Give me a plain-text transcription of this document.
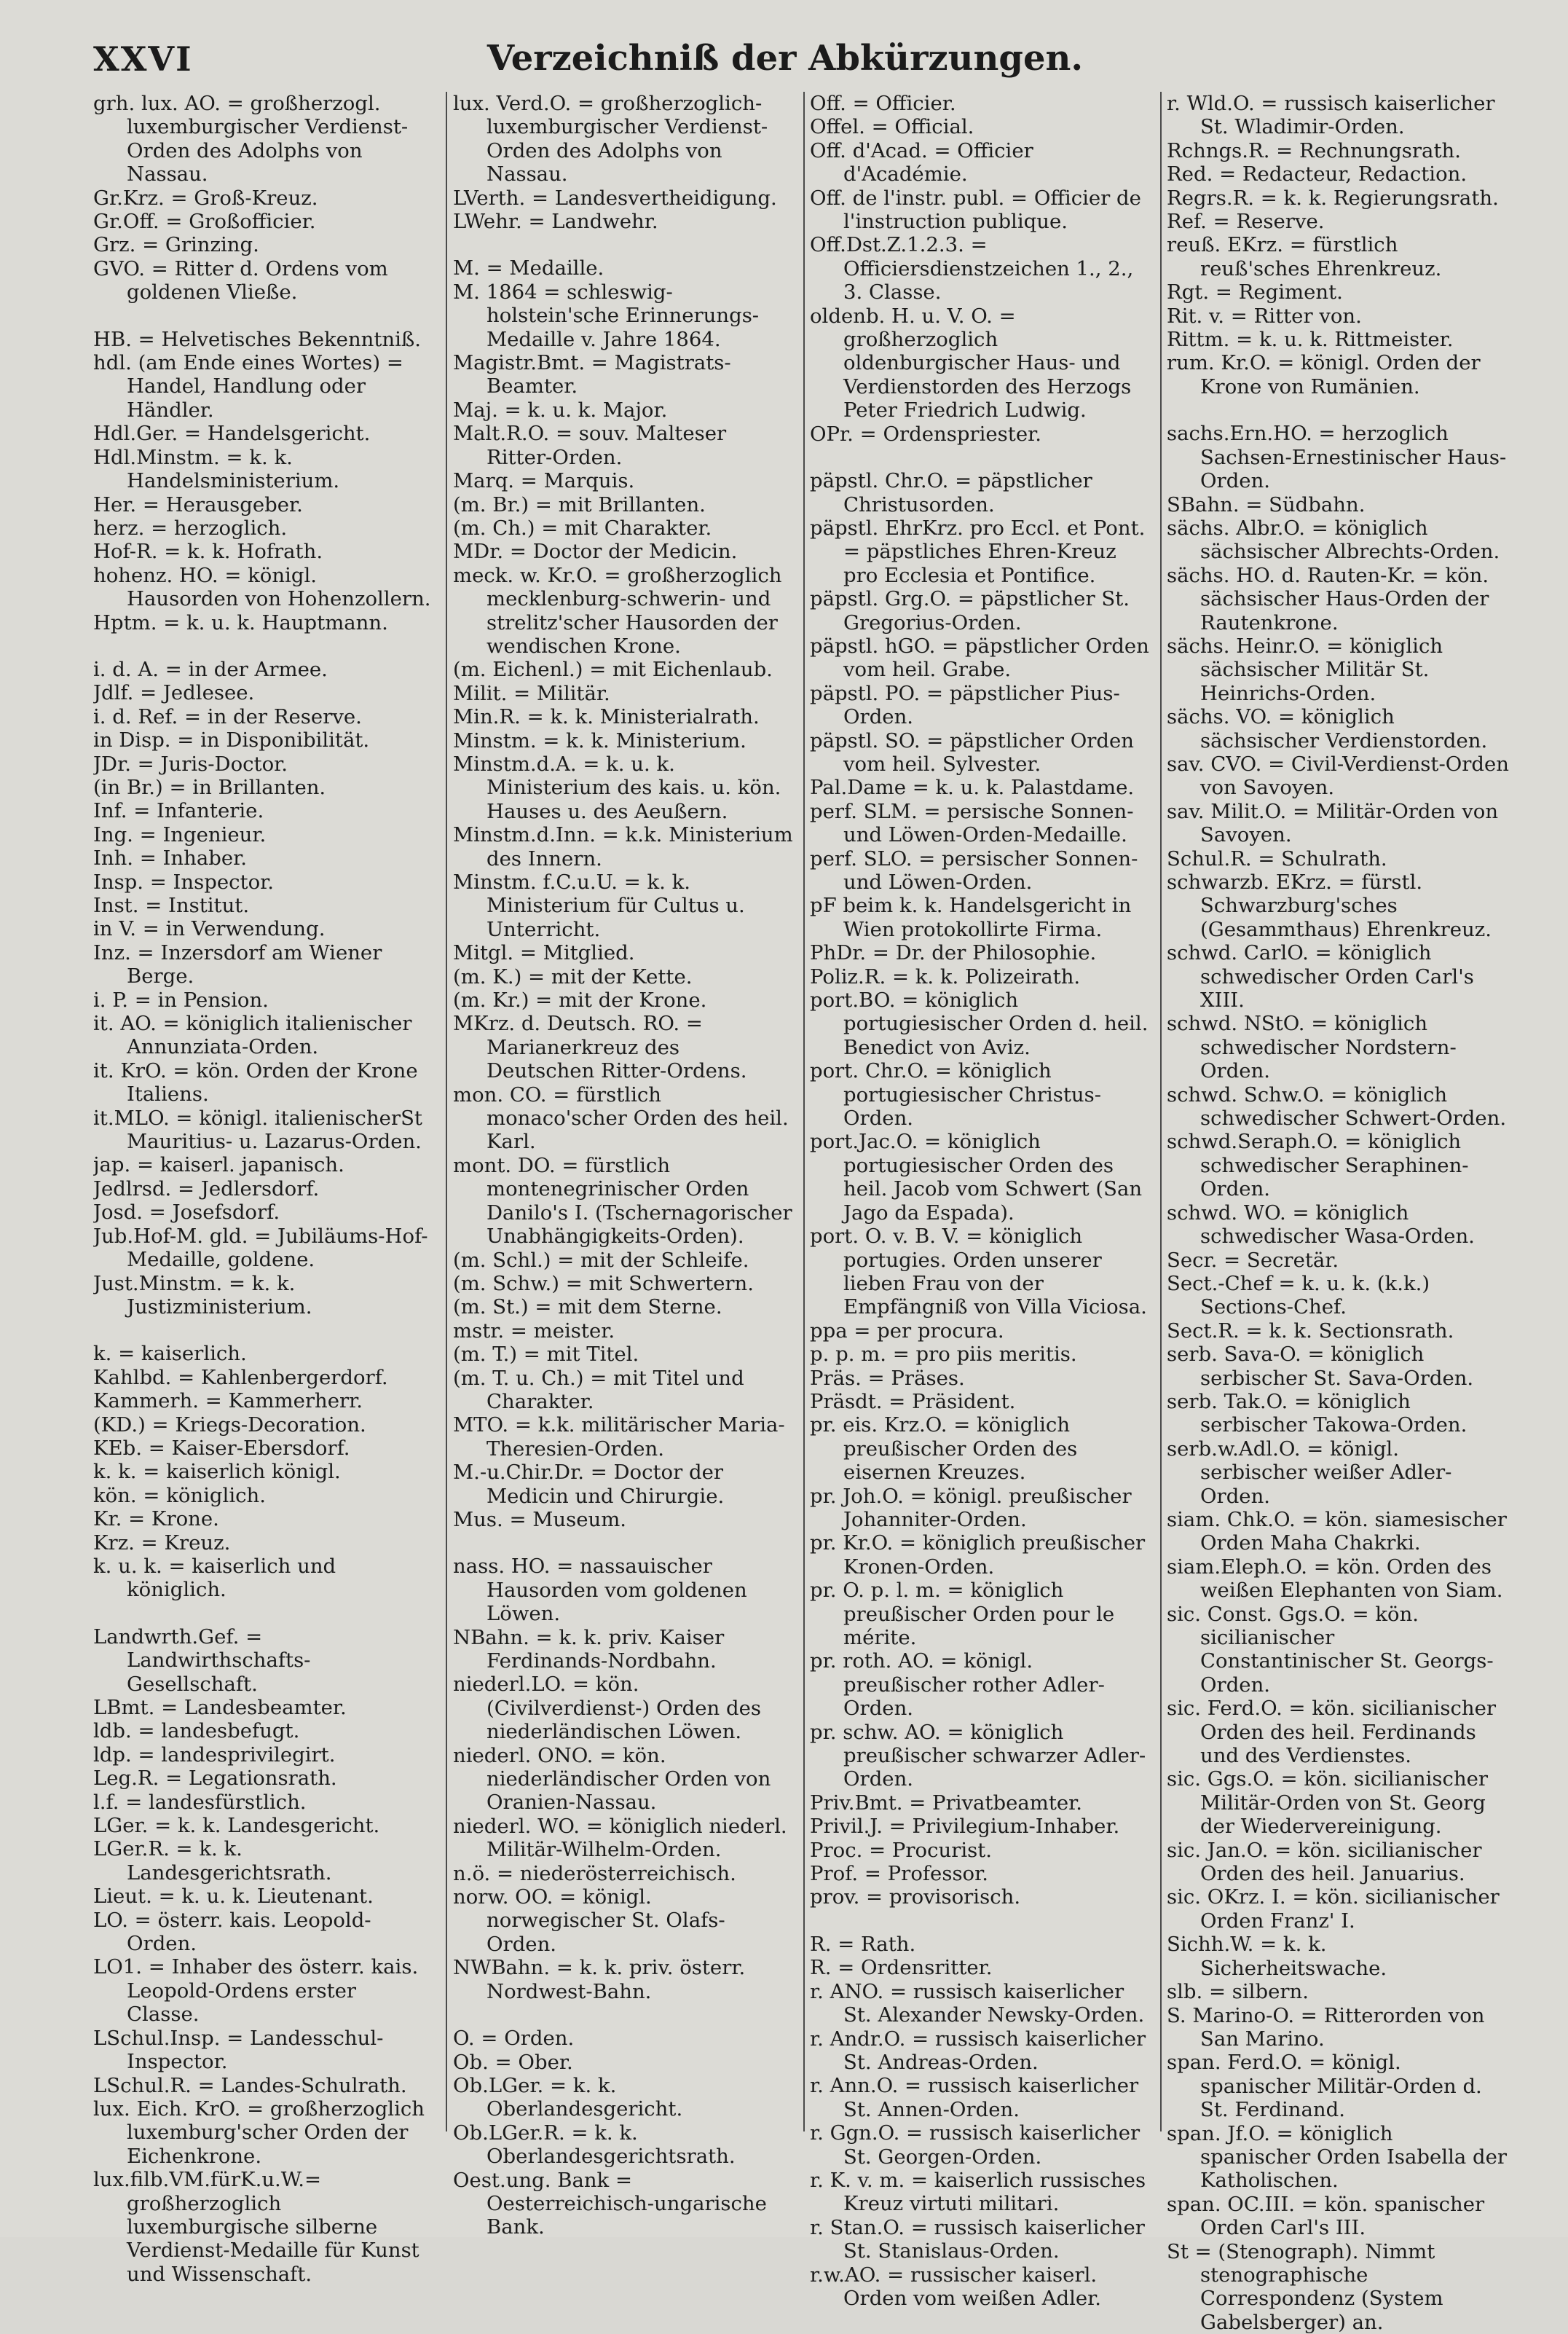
XXVI	Verzeichniß der Abkürzungen.
grh. lux. AO. = großherzogl. luxemburgischer Verdienst-Orden des Adolphs von Nassau.
Gr.Krz. = Groß-Kreuz.
Gr.Off. = Großofficier.
Grz. = Grinzing.
GVO. = Ritter d. Ordens vom goldenen Vließe.
HB. = Helvetisches Bekenntniß.
hdl. (am Ende eines Wortes) = Handel, Handlung oder Händler.
Hdl.Ger. = Handelsgericht.
Hdl.Minstm. = k. k. Handelsministerium.
Her. = Herausgeber.
herz. = herzoglich.
Hof-R. = k. k. Hofrath.
hohenz. HO. = königl. Hausorden von Hohenzollern.
Hptm. = k. u. k. Hauptmann.
i. d. A. = in der Armee.
Jdlf. = Jedlesee.
i. d. Ref. = in der Reserve.
in Disp. = in Disponibilität.
JDr. = Juris-Doctor.
(in Br.) = in Brillanten.
Inf. = Infanterie.
Ing. = Ingenieur.
Inh. = Inhaber.
Insp. = Inspector.
Inst. = Institut.
in V. = in Verwendung.
Inz. = Inzersdorf am Wiener Berge.
i. P. = in Pension.
it. AO. = königlich italienischer Annunziata-Orden.
it. KrO. = kön. Orden der Krone Italiens.
it.MLO. = königl. italienischerSt Mauritius- u. Lazarus-Orden.
jap. = kaiserl. japanisch.
Jedlrsd. = Jedlersdorf.
Josd. = Josefsdorf.
Jub.Hof-M. gld. = Jubiläums-Hof-Medaille, goldene.
Just.Minstm. = k. k. Justizministerium.
k. = kaiserlich.
Kahlbd. = Kahlenbergerdorf.
Kammerh. = Kammerherr.
(KD.) = Kriegs-Decoration.
KEb. = Kaiser-Ebersdorf.
k. k. = kaiserlich königl.
kön. = königlich.
Kr. = Krone.
Krz. = Kreuz.
k. u. k. = kaiserlich und königlich.
Landwrth.Gef. = Landwirthschafts-Gesellschaft.
LBmt. = Landesbeamter.
ldb. = landesbefugt.
ldp. = landesprivilegirt.
Leg.R. = Legationsrath.
l.f. = landesfürstlich.
LGer. = k. k. Landesgericht.
LGer.R. = k. k. Landesgerichtsrath.
Lieut. = k. u. k. Lieutenant.
LO. = österr. kais. Leopold-Orden.
LO1. = Inhaber des österr. kais. Leopold-Ordens erster Classe.
LSchul.Insp. = Landesschul-Inspector.
LSchul.R. = Landes-Schulrath.
lux. Eich. KrO. = großherzoglich luxemburg'scher Orden der Eichenkrone.
lux.filb.VM.fürK.u.W.= großherzoglich luxemburgische silberne Verdienst-Medaille für Kunst und Wissenschaft.
lux. Verd.O. = großherzoglich-luxemburgischer Verdienst-Orden des Adolphs von Nassau.
LVerth. = Landesvertheidigung.
LWehr. = Landwehr.
M. = Medaille.
M. 1864 = schleswig-holstein'sche Erinnerungs-Medaille v. Jahre 1864.
Magistr.Bmt. = Magistrats-Beamter.
Maj. = k. u. k. Major.
Malt.R.O. = souv. Malteser Ritter-Orden.
Marq. = Marquis.
(m. Br.) = mit Brillanten.
(m. Ch.) = mit Charakter.
MDr. = Doctor der Medicin.
meck. w. Kr.O. = großherzoglich mecklenburg-schwerin- und strelitz'scher Hausorden der wendischen Krone.
(m. Eichenl.) = mit Eichenlaub.
Milit. = Militär.
Min.R. = k. k. Ministerialrath.
Minstm. = k. k. Ministerium.
Minstm.d.A. = k. u. k. Ministerium des kais. u. kön. Hauses u. des Aeußern.
Minstm.d.Inn. = k.k. Ministerium des Innern.
Minstm. f.C.u.U. = k. k. Ministerium für Cultus u. Unterricht.
Mitgl. = Mitglied.
(m. K.) = mit der Kette.
(m. Kr.) = mit der Krone.
MKrz. d. Deutsch. RO. = Marianerkreuz des Deutschen Ritter-Ordens.
mon. CO. = fürstlich monaco'scher Orden des heil. Karl.
mont. DO. = fürstlich montenegrinischer Orden Danilo's I. (Tschernagorischer Unabhängigkeits-Orden).
(m. Schl.) = mit der Schleife.
(m. Schw.) = mit Schwertern.
(m. St.) = mit dem Sterne.
mstr. = meister.
(m. T.) = mit Titel.
(m. T. u. Ch.) = mit Titel und Charakter.
MTO. = k.k. militärischer Maria-Theresien-Orden.
M.-u.Chir.Dr. = Doctor der Medicin und Chirurgie.
Mus. = Museum.
nass. HO. = nassauischer Hausorden vom goldenen Löwen.
NBahn. = k. k. priv. Kaiser Ferdinands-Nordbahn.
niederl.LO. = kön.(Civilverdienst-) Orden des niederländischen Löwen.
niederl. ONO. = kön. niederländischer Orden von Oranien-Nassau.
niederl. WO. = königlich niederl. Militär-Wilhelm-Orden.
n.ö. = niederösterreichisch.
norw. OO. = königl. norwegischer St. Olafs-Orden.
NWBahn. = k. k. priv. österr. Nordwest-Bahn.
O. = Orden.
Ob. = Ober.
Ob.LGer. = k. k. Oberlandesgericht.
Ob.LGer.R. = k. k. Oberlandesgerichtsrath.
Oest.ung. Bank = Oesterreichisch-ungarische Bank.
Off. = Officier.
Offel. = Official.
Off. d'Acad. = Officier d'Académie.
Off. de l'instr. publ. = Officier de l'instruction publique.
Off.Dst.Z.1.2.3. = Officiersdienstzeichen 1., 2., 3. Classe.
oldenb. H. u. V. O. = großherzoglich oldenburgischer Haus- und Verdienstorden des Herzogs Peter Friedrich Ludwig.
OPr. = Ordenspriester.
päpstl. Chr.O. = päpstlicher Christusorden.
päpstl. EhrKrz. pro Eccl. et Pont. = päpstliches Ehren-Kreuz pro Ecclesia et Pontifice.
päpstl. Grg.O. = päpstlicher St. Gregorius-Orden.
päpstl. hGO. = päpstlicher Orden vom heil. Grabe.
päpstl. PO. = päpstlicher Pius-Orden.
päpstl. SO. = päpstlicher Orden vom heil. Sylvester.
Pal.Dame = k. u. k. Palastdame.
perf. SLM. = persische Sonnen- und Löwen-Orden-Medaille.
perf. SLO. = persischer Sonnen- und Löwen-Orden.
pF beim k. k. Handelsgericht in Wien protokollirte Firma.
PhDr. = Dr. der Philosophie.
Poliz.R. = k. k. Polizeirath.
port.BO. = königlich portugiesischer Orden d. heil. Benedict von Aviz.
port. Chr.O. = königlich portugiesischer Christus-Orden.
port.Jac.O. = königlich portugiesischer Orden des heil. Jacob vom Schwert (San Jago da Espada).
port. O. v. B. V. = königlich portugies. Orden unserer lieben Frau von der Empfängniß von Villa Viciosa.
ppa = per procura.
p. p. m. = pro piis meritis.
Präs. = Präses.
Präsdt. = Präsident.
pr. eis. Krz.O. = königlich preußischer Orden des eisernen Kreuzes.
pr. Joh.O. = königl. preußischer Johanniter-Orden.
pr. Kr.O. = königlich preußischer Kronen-Orden.
pr. O. p. l. m. = königlich preußischer Orden pour le mérite.
pr. roth. AO. = königl. preußischer rother Adler-Orden.
pr. schw. AO. = königlich preußischer schwarzer Adler-Orden.
Priv.Bmt. = Privatbeamter.
Privil.J. = Privilegium-Inhaber.
Proc. = Procurist.
Prof. = Professor.
prov. = provisorisch.
R. = Rath.
R. = Ordensritter.
r. ANO. = russisch kaiserlicher St. Alexander Newsky-Orden.
r. Andr.O. = russisch kaiserlicher St. Andreas-Orden.
r. Ann.O. = russisch kaiserlicher St. Annen-Orden.
r. Ggn.O. = russisch kaiserlicher St. Georgen-Orden.
r. K. v. m. = kaiserlich russisches Kreuz virtuti militari.
r. Stan.O. = russisch kaiserlicher St. Stanislaus-Orden.
r.w.AO. = russischer kaiserl. Orden vom weißen Adler.
r. Wld.O. = russisch kaiserlicher St. Wladimir-Orden.
Rchngs.R. = Rechnungsrath.
Red. = Redacteur, Redaction.
Regrs.R. = k. k. Regierungsrath.
Ref. = Reserve.
reuß. EKrz. = fürstlich reuß'sches Ehrenkreuz.
Rgt. = Regiment.
Rit. v. = Ritter von.
Rittm. = k. u. k. Rittmeister.
rum. Kr.O. = königl. Orden der Krone von Rumänien.
sachs.Ern.HO. = herzoglich Sachsen-Ernestinischer Haus-Orden.
SBahn. = Südbahn.
sächs. Albr.O. = königlich sächsischer Albrechts-Orden.
sächs. HO. d. Rauten-Kr. = kön. sächsischer Haus-Orden der Rautenkrone.
sächs. Heinr.O. = königlich sächsischer Militär St. Heinrichs-Orden.
sächs. VO. = königlich sächsischer Verdienstorden.
sav. CVO. = Civil-Verdienst-Orden von Savoyen.
sav. Milit.O. = Militär-Orden von Savoyen.
Schul.R. = Schulrath.
schwarzb. EKrz. = fürstl. Schwarzburg'sches (Gesammthaus) Ehrenkreuz.
schwd. CarlO. = königlich schwedischer Orden Carl's XIII.
schwd. NStO. = königlich schwedischer Nordstern-Orden.
schwd. Schw.O. = königlich schwedischer Schwert-Orden.
schwd.Seraph.O. = königlich schwedischer Seraphinen-Orden.
schwd. WO. = königlich schwedischer Wasa-Orden.
Secr. = Secretär.
Sect.-Chef = k. u. k. (k.k.) Sections-Chef.
Sect.R. = k. k. Sectionsrath.
serb. Sava-O. = königlich serbischer St. Sava-Orden.
serb. Tak.O. = königlich serbischer Takowa-Orden.
serb.w.Adl.O. = königl. serbischer weißer Adler-Orden.
siam. Chk.O. = kön. siamesischer Orden Maha Chakrki.
siam.Eleph.O. = kön. Orden des weißen Elephanten von Siam.
sic. Const. Ggs.O. = kön. sicilianischer Constantinischer St. Georgs-Orden.
sic. Ferd.O. = kön. sicilianischer Orden des heil. Ferdinands und des Verdienstes.
sic. Ggs.O. = kön. sicilianischer Militär-Orden von St. Georg der Wiedervereinigung.
sic. Jan.O. = kön. sicilianischer Orden des heil. Januarius.
sic. OKrz. I. = kön. sicilianischer Orden Franz' I.
Sichh.W. = k. k. Sicherheitswache.
slb. = silbern.
S. Marino-O. = Ritterorden von San Marino.
span. Ferd.O. = königl. spanischer Militär-Orden d. St. Ferdinand.
span. Jf.O. = königlich spanischer Orden Isabella der Katholischen.
span. OC.III. = kön. spanischer Orden Carl's III.
St = (Stenograph). Nimmt stenographische Correspondenz (System Gabelsberger) an.
